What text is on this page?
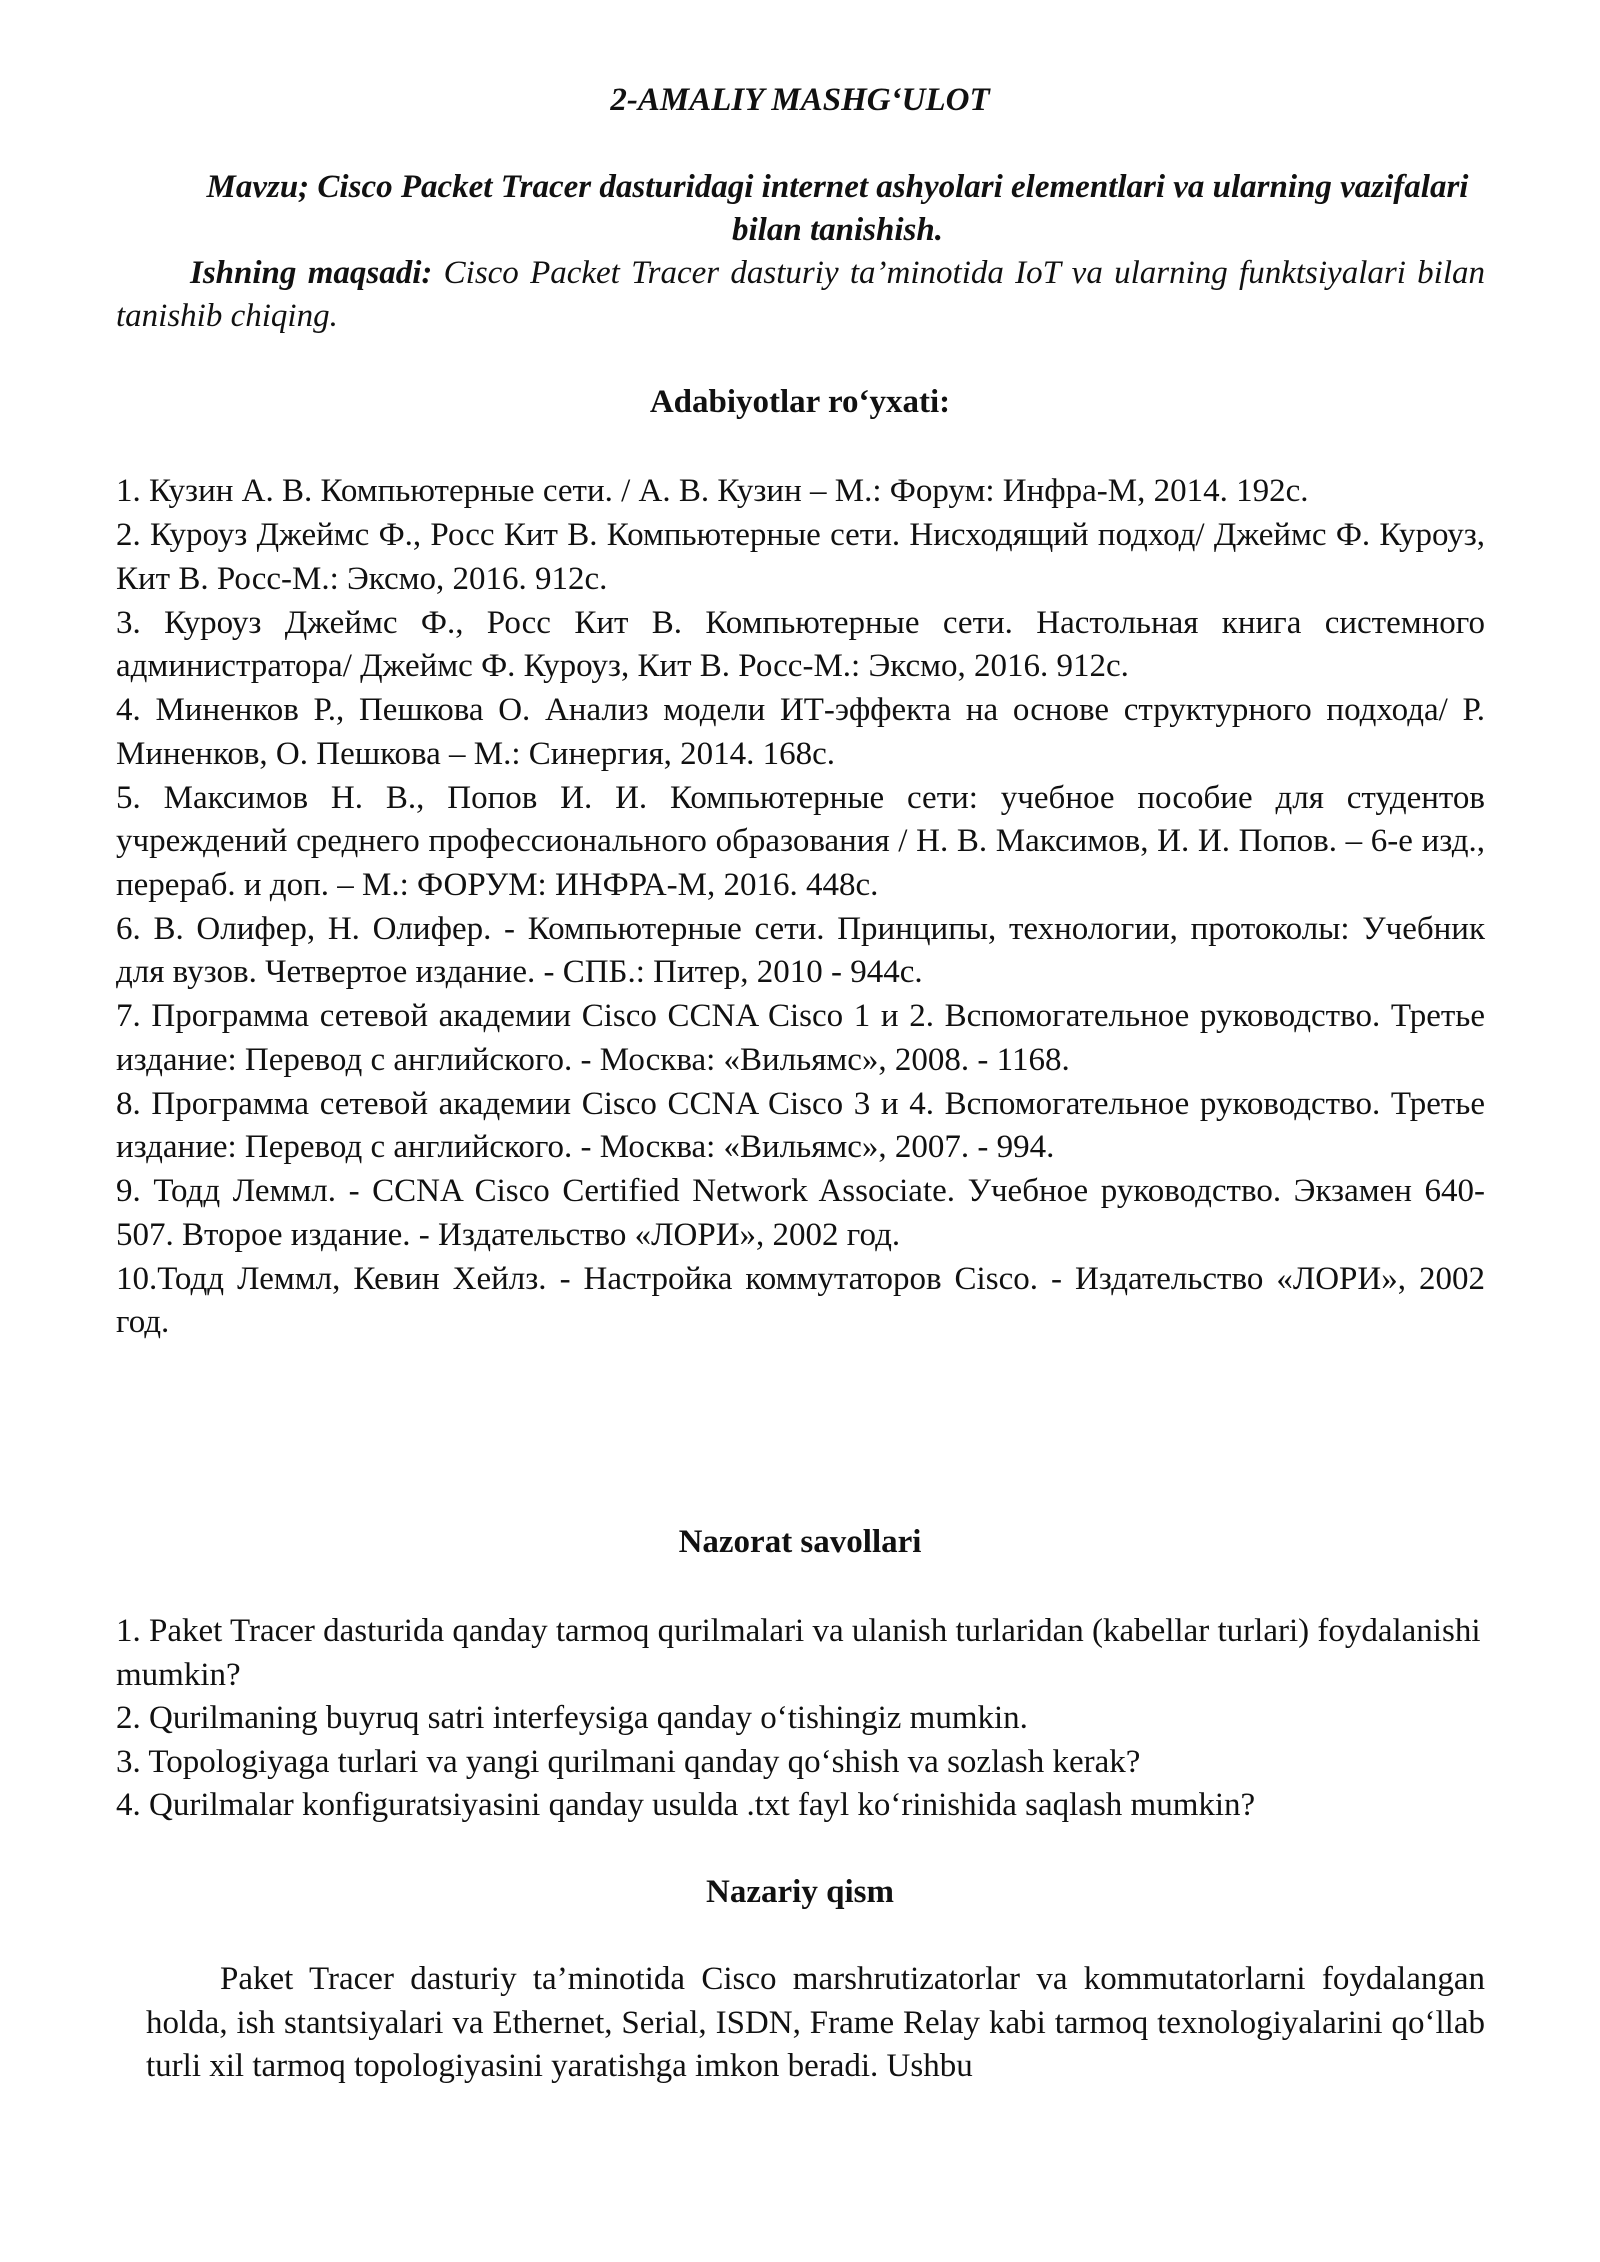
2-AMALIY MASHG‘ULOT
Mavzu; Cisco Packet Tracer dasturidagi internet ashyolari elementlari va ularning vazifalari bilan tanishish.
Ishning maqsadi: Cisco Packet Tracer dasturiy ta’minotida IoT va ularning funktsiyalari bilan tanishib chiqing.
Adabiyotlar ro‘yxati:
1. Кузин А. В. Компьютерные сети. / А. В. Кузин – М.: Форум: Инфра-М, 2014. 192с.
2. Куроуз Джеймс Ф., Росс Кит В. Компьютерные сети. Нисходящий подход/ Джеймс Ф. Куроуз, Кит В. Росс-М.: Эксмо, 2016. 912с.
3. Куроуз Джеймс Ф., Росс Кит В. Компьютерные сети. Настольная книга системного администратора/ Джеймс Ф. Куроуз, Кит В. Росс-М.: Эксмо, 2016. 912с.
4. Миненков Р., Пешкова О. Анализ модели ИТ-эффекта на основе структурного подхода/ Р. Миненков, О. Пешкова – М.: Синергия, 2014. 168с.
5. Максимов Н. В., Попов И. И. Компьютерные сети: учебное пособие для студентов учреждений среднего профессионального образования / Н. В. Максимов, И. И. Попов. – 6-е изд., перераб. и доп. – М.: ФОРУМ: ИНФРА-М, 2016. 448с.
6. В. Олифер, Н. Олифер. - Компьютерные сети. Принципы, технологии, протоколы: Учебник для вузов. Четвертое издание. - СПБ.: Питер, 2010 - 944с.
7. Программа сетевой академии Cisco CCNA Cisco 1 и 2. Вспомогательное руководство. Третье издание: Перевод с английского. - Москва: «Вильямс», 2008. - 1168.
8. Программа сетевой академии Cisco CCNA Cisco 3 и 4. Вспомогательное руководство. Третье издание: Перевод с английского. - Москва: «Вильямс», 2007. - 994.
9. Тодд Леммл. - CCNA Cisco Certified Network Associate. Учебное руководство. Экзамен 640-507. Второе издание. - Издательство «ЛОРИ», 2002 год.
10.Тодд Леммл, Кевин Хейлз. - Настройка коммутаторов Cisco. - Издательство «ЛОРИ», 2002 год.
Nazorat savollari
1. Paket Tracer dasturida qanday tarmoq qurilmalari va ulanish turlaridan (kabellar turlari) foydalanishi mumkin?
2. Qurilmaning buyruq satri interfeysiga qanday o‘tishingiz mumkin.
3. Topologiyaga turlari va yangi qurilmani qanday qo‘shish va sozlash kerak?
4. Qurilmalar konfiguratsiyasini qanday usulda .txt fayl ko‘rinishida saqlash mumkin?
Nazariy qism

Paket Tracer dasturiy ta’minotida Cisco marshrutizatorlar va kommutatorlarni foydalangan holda, ish stantsiyalari va Ethernet, Serial, ISDN, Frame Relay kabi tarmoq texnologiyalarini qo‘llab turli xil tarmoq topologiyasini yaratishga imkon beradi. Ushbu
